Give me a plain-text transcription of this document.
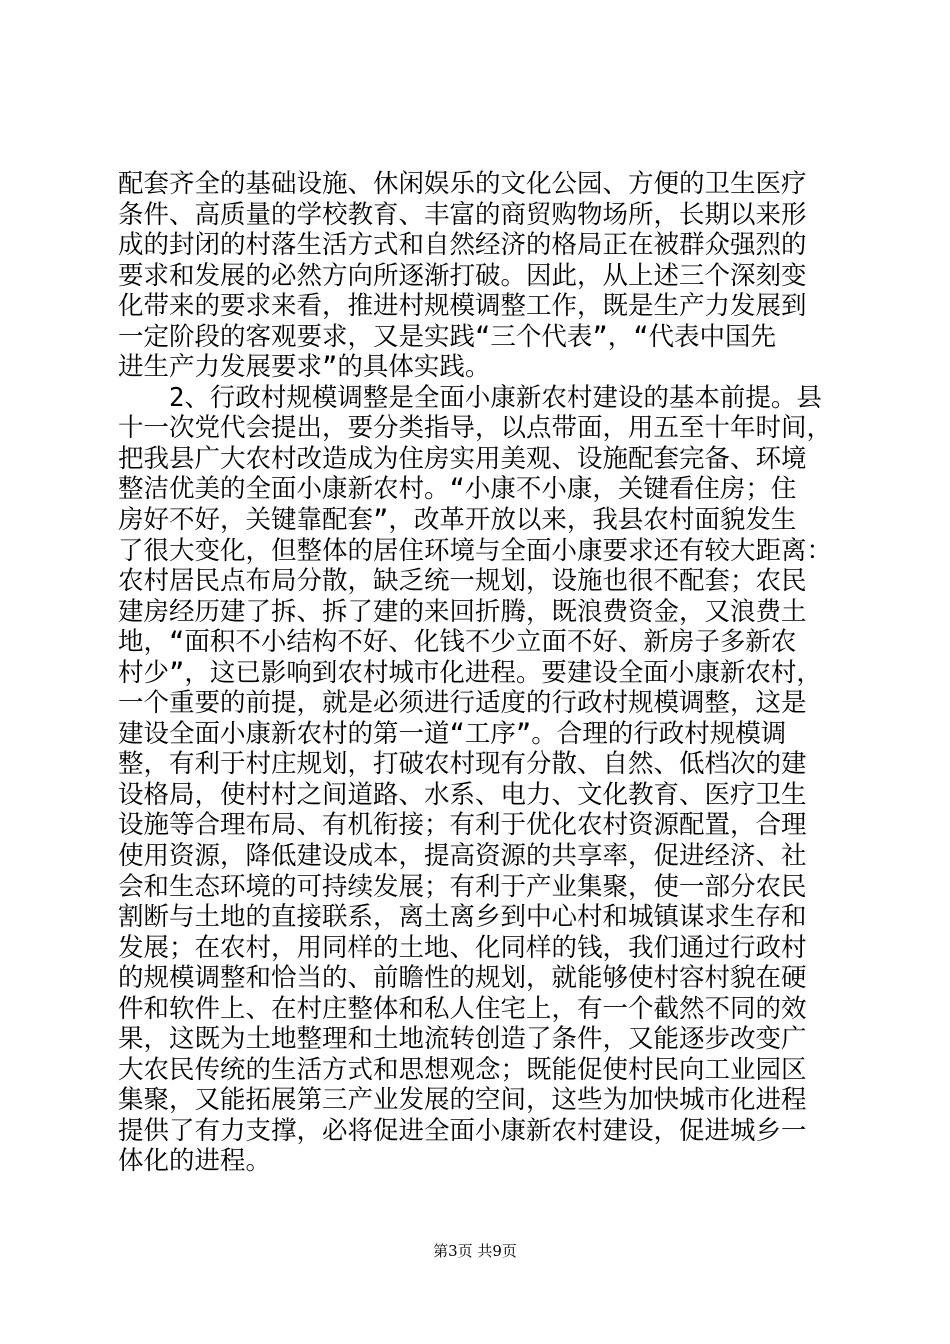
配套齐全的基础设施、休闲娱乐的文化公园、方便的卫生医疗
条件、高质量的学校教育、丰富的商贸购物场所，长期以来形
成的封闭的村落生活方式和自然经济的格局正在被群众强烈的
要求和发展的必然方向所逐渐打破。因此，从上述三个深刻变
化带来的要求来看，推进村规模调整工作，既是生产力发展到
一定阶段的客观要求，又是实践“三个代表”，“代表中国先
进生产力发展要求”的具体实践。
2、行政村规模调整是全面小康新农村建设的基本前提。县
十一次党代会提出，要分类指导，以点带面，用五至十年时间，
把我县广大农村改造成为住房实用美观、设施配套完备、环境
整洁优美的全面小康新农村。“小康不小康，关键看住房；住
房好不好，关键靠配套”，改革开放以来，我县农村面貌发生
了很大变化，但整体的居住环境与全面小康要求还有较大距离：
农村居民点布局分散，缺乏统一规划，设施也很不配套；农民
建房经历建了拆、拆了建的来回折腾，既浪费资金，又浪费土
地，“面积不小结构不好、化钱不少立面不好、新房子多新农
村少”，这已影响到农村城市化进程。要建设全面小康新农村，
一个重要的前提，就是必须进行适度的行政村规模调整，这是
建设全面小康新农村的第一道“工序”。合理的行政村规模调
整，有利于村庄规划，打破农村现有分散、自然、低档次的建
设格局，使村村之间道路、水系、电力、文化教育、医疗卫生
设施等合理布局、有机衔接；有利于优化农村资源配置，合理
使用资源，降低建设成本，提高资源的共享率，促进经济、社
会和生态环境的可持续发展；有利于产业集聚，使一部分农民
割断与土地的直接联系，离土离乡到中心村和城镇谋求生存和
发展；在农村，用同样的土地、化同样的钱，我们通过行政村
的规模调整和恰当的、前瞻性的规划，就能够使村容村貌在硬
件和软件上、在村庄整体和私人住宅上，有一个截然不同的效
果，这既为土地整理和土地流转创造了条件，又能逐步改变广
大农民传统的生活方式和思想观念；既能促使村民向工业园区
集聚，又能拓展第三产业发展的空间，这些为加快城市化进程
提供了有力支撑，必将促进全面小康新农村建设，促进城乡一
体化的进程。
第3页 共9页
